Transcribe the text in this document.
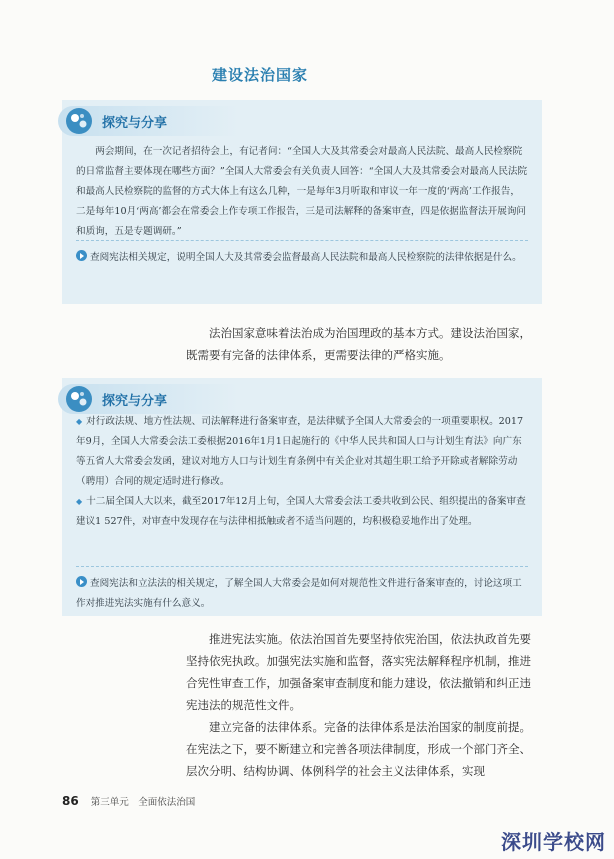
建设法治国家
探究与分享

两会期间，在一次记者招待会上，有记者问：“全国人大及其常委会对最高人民法院、最高人民检察院的日常监督主要体现在哪些方面？”全国人大常委会有关负责人回答：“全国人大及其常委会对最高人民法院和最高人民检察院的监督的方式大体上有这么几种，一是每年3月听取和审议一年一度的‘两高’工作报告，二是每年10月‘两高’都会在常委会上作专项工作报告，三是司法解释的备案审查，四是依据监督法开展询问和质询，五是专题调研。”

查阅宪法相关规定，说明全国人大及其常委会监督最高人民法院和最高人民检察院的法律依据是什么。

法治国家意味着法治成为治国理政的基本方式。建设法治国家，既需要有完备的法律体系，更需要法律的严格实施。

探究与分享

◆ 对行政法规、地方性法规、司法解释进行备案审查，是法律赋予全国人大常委会的一项重要职权。2017年9月，全国人大常委会法工委根据2016年1月1日起施行的《中华人民共和国人口与计划生育法》向广东等五省人大常委会发函，建议对地方人口与计划生育条例中有关企业对其超生职工给予开除或者解除劳动（聘用）合同的规定适时进行修改。

◆ 十二届全国人大以来，截至2017年12月上旬，全国人大常委会法工委共收到公民、组织提出的备案审查建议1 527件，对审查中发现存在与法律相抵触或者不适当问题的，均积极稳妥地作出了处理。

查阅宪法和立法法的相关规定，了解全国人大常委会是如何对规范性文件进行备案审查的，讨论这项工作对推进宪法实施有什么意义。

推进宪法实施。依法治国首先要坚持依宪治国，依法执政首先要坚持依宪执政。加强宪法实施和监督，落实宪法解释程序机制，推进合宪性审查工作，加强备案审查制度和能力建设，依法撤销和纠正违宪违法的规范性文件。

建立完备的法律体系。完备的法律体系是法治国家的制度前提。在宪法之下，要不断建立和完善各项法律制度，形成一个部门齐全、层次分明、结构协调、体例科学的社会主义法律体系，实现

86 第三单元　全面依法治国
深圳学校网
